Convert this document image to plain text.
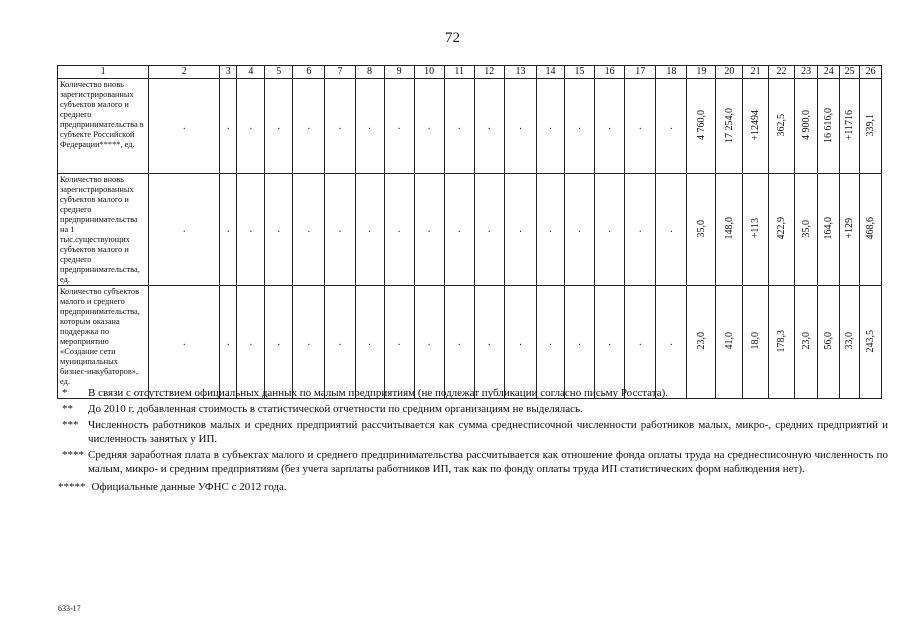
72
1	2	3	4	5	6	7	8	9	10	11	12	13	14	15	16	17	18	19	20	21	22	23	24	25	26
Количество вновь зарегистрированных субъектов малого и среднего предпринимательства в субъекте Российской Федерации*****, ед.	.	.	.	.	.	.	.	.	.	.	.	.	.	.	.	.	.	4 760,0	17 254,0	+12494	362,5	4 900,0	16 616,0	+11716	339,1
Количество вновь зарегистрированных субъектов малого и среднего предпринимательства на 1 тыс.существующих субъектов малого и среднего предпринимательства, ед.	.	.	.	.	.	.	.	.	.	.	.	.	.	.	.	.	.	35,0	148,0	+113	422,9	35,0	164,0	+129	468,6
Количество субъектов малого и среднего предпринимательства, которым оказана поддержка по мероприятию «Создание сети муниципальных бизнес-инкубаторов», ед.	.	.	.	.	.	.	.	.	.	.	.	.	.	.	.	.	.	23,0	41,0	18,0	178,3	23,0	56,0	33,0	243,5
*	В связи с отсутствием официальных данных по малым предприятиям (не подлежат публикации согласно письму Росстата).
**	До 2010 г. добавленная стоимость в статистической отчетности по средним организациям не выделялась.
*** Численность работников малых и средних предприятий рассчитывается как сумма среднесписочной численности работников малых, микро-, средних предприятий и численность занятых у ИП.
**** Средняя заработная плата в субъектах малого и среднего предпринимательства рассчитывается как отношение фонда оплаты труда на среднесписочную численность по малым, микро- и средним предприятиям (без учета зарплаты работников ИП, так как по фонду оплаты труда ИП статистических форм наблюдения нет).
***** Официальные данные УФНС с 2012 года.
633-17
